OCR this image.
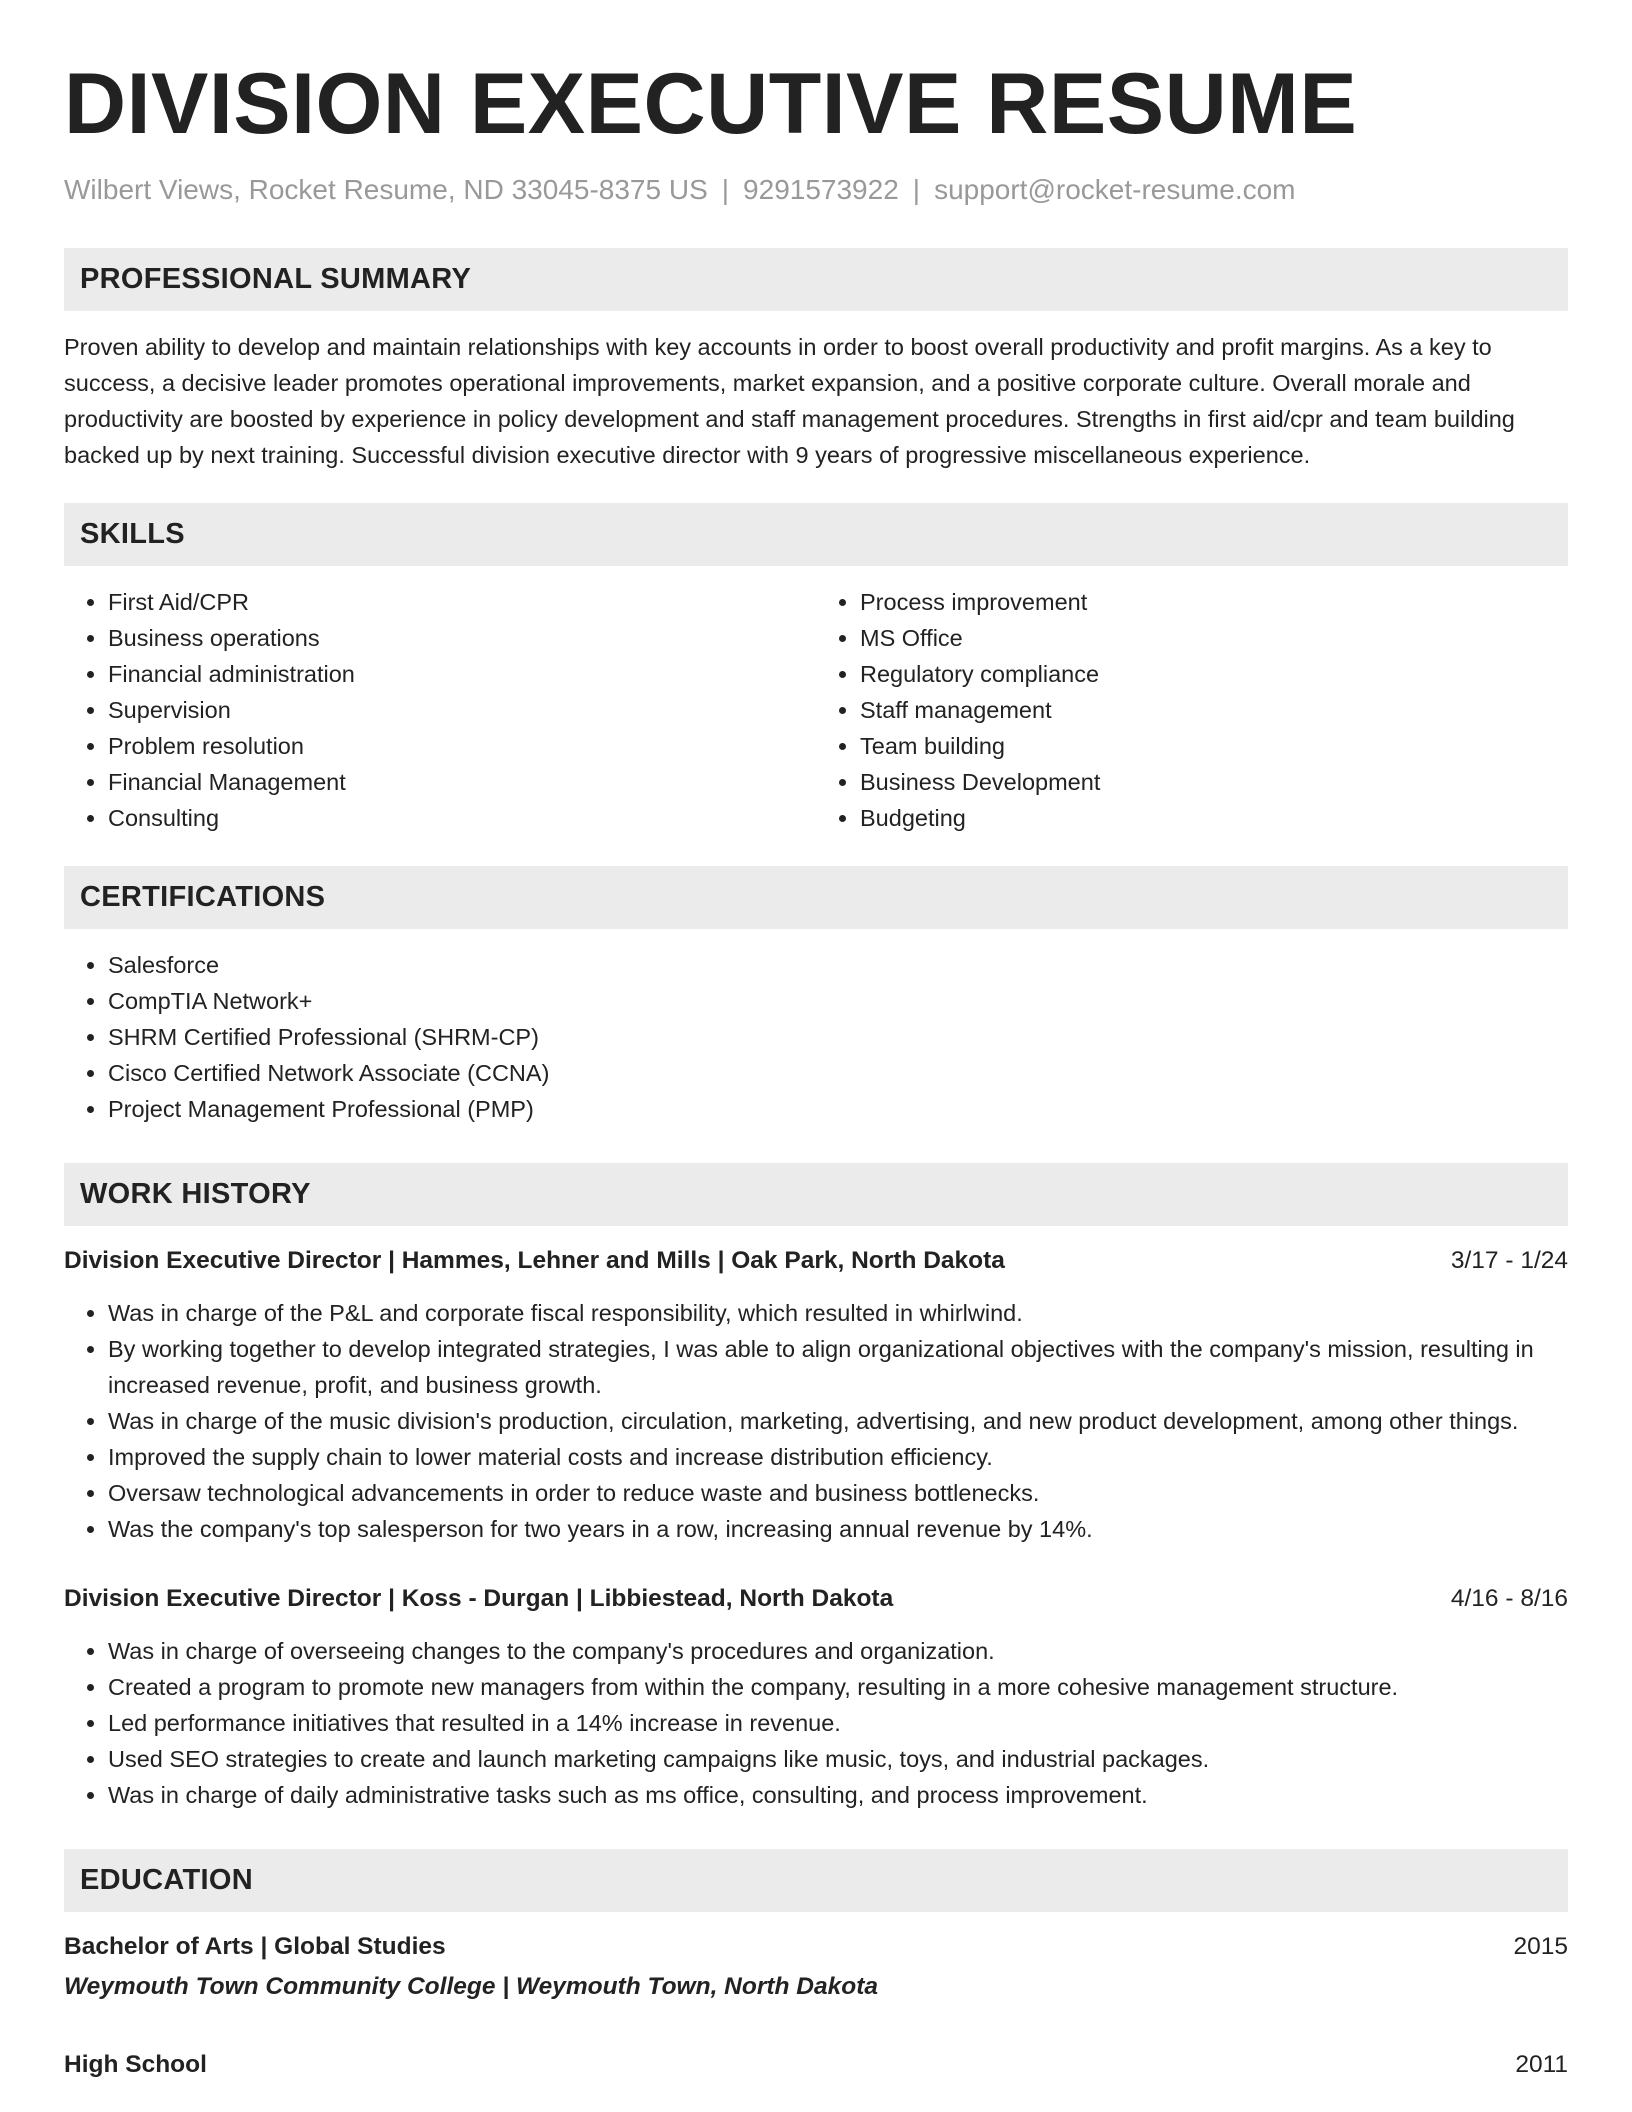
DIVISION EXECUTIVE RESUME
Wilbert Views, Rocket Resume, ND 33045-8375 US | 9291573922 | support@rocket-resume.com
PROFESSIONAL SUMMARY

Proven ability to develop and maintain relationships with key accounts in order to boost overall productivity and profit margins. As a key to success, a decisive leader promotes operational improvements, market expansion, and a positive corporate culture. Overall morale and productivity are boosted by experience in policy development and staff management procedures. Strengths in first aid/cpr and team building backed up by next training. Successful division executive director with 9 years of progressive miscellaneous experience.

SKILLS
• First Aid/CPR
• Business operations
• Financial administration
• Supervision
• Problem resolution
• Financial Management
• Consulting
• Process improvement
• MS Office
• Regulatory compliance
• Staff management
• Team building
• Business Development
• Budgeting
CERTIFICATIONS
• Salesforce
• CompTIA Network+
• SHRM Certified Professional (SHRM-CP)
• Cisco Certified Network Associate (CCNA)
• Project Management Professional (PMP)
WORK HISTORY
Division Executive Director | Hammes, Lehner and Mills | Oak Park, North Dakota	3/17 - 1/24
• Was in charge of the P&L and corporate fiscal responsibility, which resulted in whirlwind.
• By working together to develop integrated strategies, I was able to align organizational objectives with the company's mission, resulting in increased revenue, profit, and business growth.
• Was in charge of the music division's production, circulation, marketing, advertising, and new product development, among other things.
• Improved the supply chain to lower material costs and increase distribution efficiency.
• Oversaw technological advancements in order to reduce waste and business bottlenecks.
• Was the company's top salesperson for two years in a row, increasing annual revenue by 14%.
Division Executive Director | Koss - Durgan | Libbiestead, North Dakota	4/16 - 8/16
• Was in charge of overseeing changes to the company's procedures and organization.
• Created a program to promote new managers from within the company, resulting in a more cohesive management structure.
• Led performance initiatives that resulted in a 14% increase in revenue.
• Used SEO strategies to create and launch marketing campaigns like music, toys, and industrial packages.
• Was in charge of daily administrative tasks such as ms office, consulting, and process improvement.
EDUCATION
Bachelor of Arts | Global Studies	2015
Weymouth Town Community College | Weymouth Town, North Dakota
High School	2011
